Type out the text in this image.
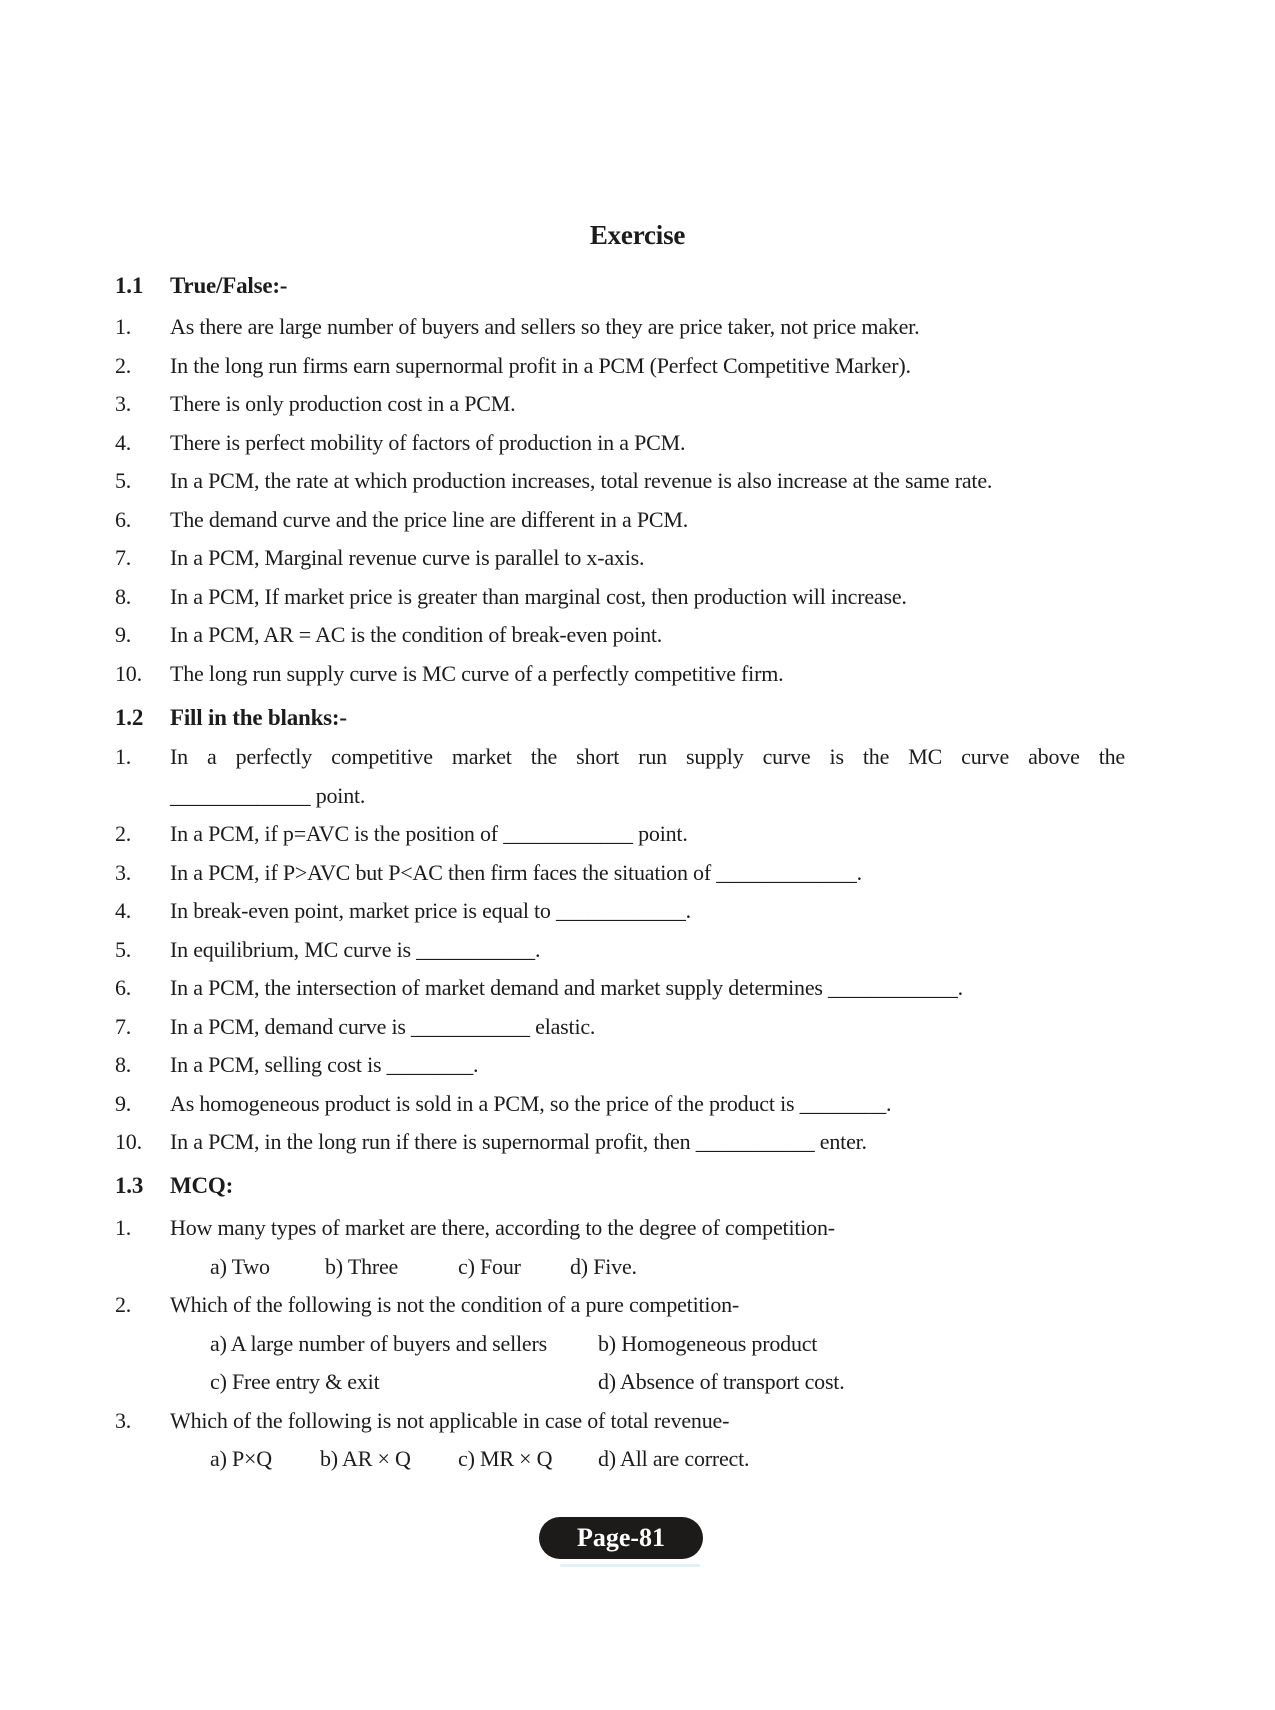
Exercise
1.1	True/False:-
1.	As there are large number of buyers and sellers so they are price taker, not price maker.
2.	In the long run firms earn supernormal profit in a PCM (Perfect Competitive Marker).
3.	There is only production cost in a PCM.
4.	There is perfect mobility of factors of production in a PCM.
5.	In a PCM, the rate at which production increases, total revenue is also increase at the same rate.
6.	The demand curve and the price line are different in a PCM.
7.	In a PCM, Marginal revenue curve is parallel to x-axis.
8.	In a PCM, If market price is greater than marginal cost, then production will increase.
9.	In a PCM, AR = AC is the condition of break-even point.
10.	The long run supply curve is MC curve of a perfectly competitive firm.
1.2	Fill in the blanks:-
1.	In a perfectly competitive market the short run supply curve is the MC curve above the
_____________ point.
2.	In a PCM, if p=AVC is the position of ____________ point.
3.	In a PCM, if P>AVC but P<AC then firm faces the situation of _____________.
4.	In break-even point, market price is equal to ____________.
5.	In equilibrium, MC curve is ___________.
6.	In a PCM, the intersection of market demand and market supply determines ____________.
7.	In a PCM, demand curve is ___________ elastic.
8.	In a PCM, selling cost is ________.
9.	As homogeneous product is sold in a PCM, so the price of the product is ________.
10.	In a PCM, in the long run if there is supernormal profit, then ___________ enter.
1.3	MCQ:
1.	How many types of market are there, according to the degree of competition-
a) Two	b) Three	c) Four	d) Five.
2.	Which of the following is not the condition of a pure competition-
a) A large number of buyers and sellers	b) Homogeneous product
c) Free entry & exit	d) Absence of transport cost.
3.	Which of the following is not applicable in case of total revenue-
a) P×Q	b) AR × Q	c) MR × Q	d) All are correct.
Page-81
